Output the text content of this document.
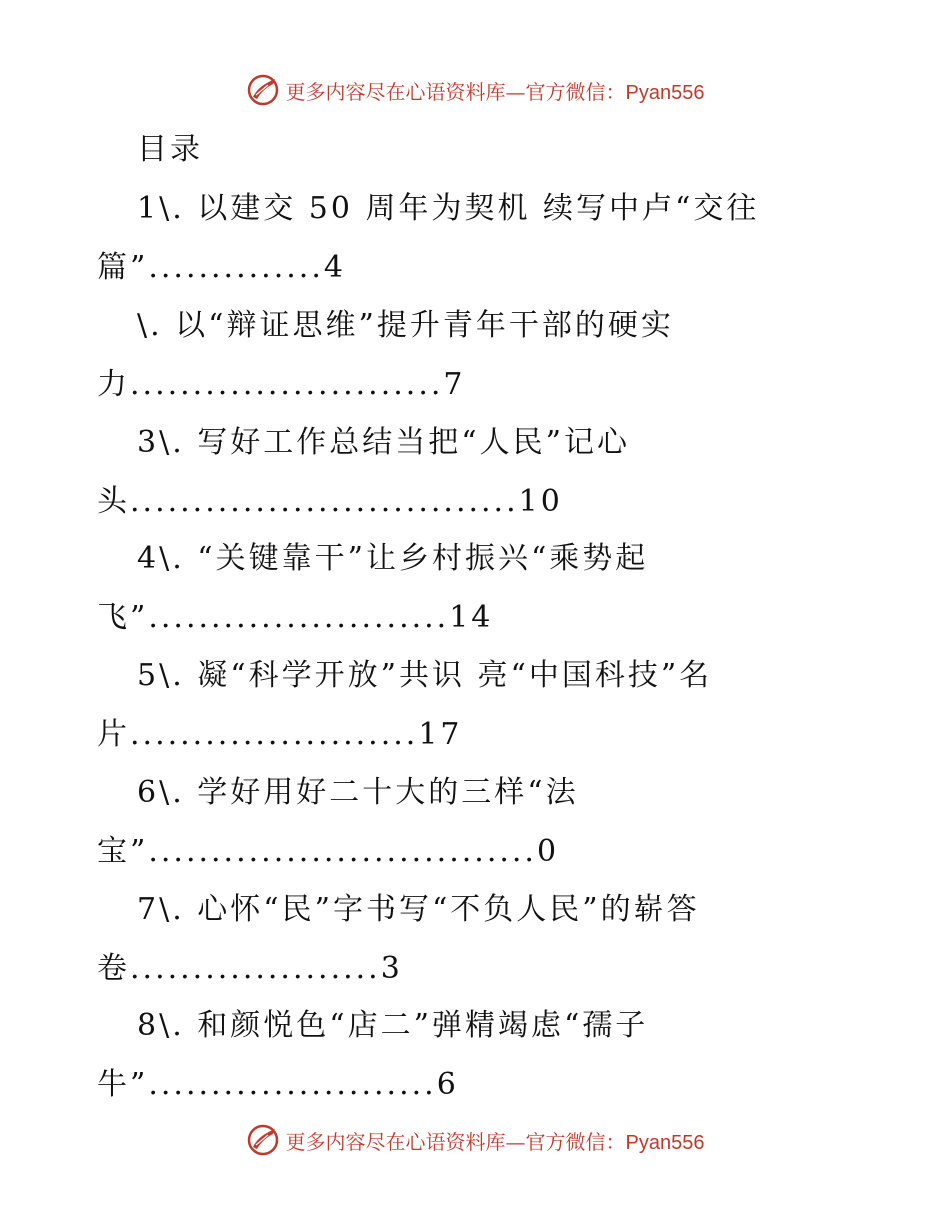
更多内容尽在心语资料库—官方微信：Pyan556
目录
1\. 以建交 50 周年为契机 续写中卢“交往
篇”..............4
\. 以“辩证思维”提升青年干部的硬实
力.........................7
3\. 写好工作总结当把“人民”记心
头...............................10
4\. “关键靠干”让乡村振兴“乘势起
飞”........................14
5\. 凝“科学开放”共识 亮“中国科技”名
片.......................17
6\. 学好用好二十大的三样“法
宝”...............................0
7\. 心怀“民”字书写“不负人民”的崭答
卷....................3
8\. 和颜悦色“店二”弹精竭虑“孺子
牛”.......................6
更多内容尽在心语资料库—官方微信：Pyan556
